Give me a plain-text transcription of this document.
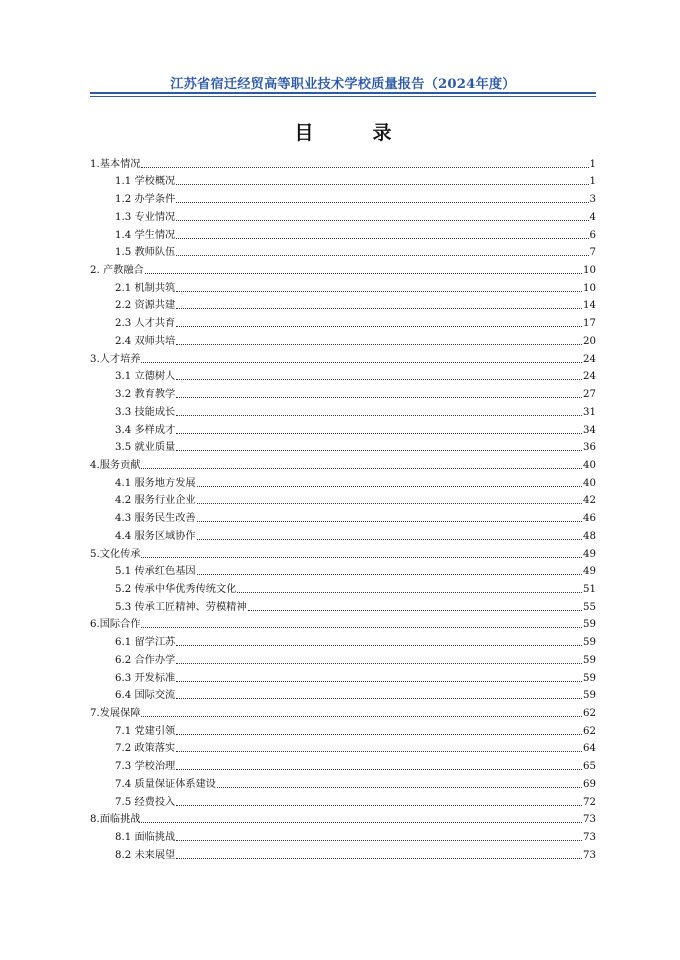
江苏省宿迁经贸高等职业技术学校质量报告（2024年度）
目　录
1.基本情况	1
1.1 学校概况	1
1.2 办学条件	3
1.3 专业情况	4
1.4 学生情况	6
1.5 教师队伍	7
2. 产教融合	10
2.1 机制共筑	10
2.2 资源共建	14
2.3 人才共育	17
2.4 双师共培	20
3.人才培养	24
3.1 立德树人	24
3.2 教育教学	27
3.3 技能成长	31
3.4 多样成才	34
3.5 就业质量	36
4.服务贡献	40
4.1 服务地方发展	40
4.2 服务行业企业	42
4.3 服务民生改善	46
4.4 服务区域协作	48
5.文化传承	49
5.1 传承红色基因	49
5.2 传承中华优秀传统文化	51
5.3 传承工匠精神、劳模精神	55
6.国际合作	59
6.1 留学江苏	59
6.2 合作办学	59
6.3 开发标准	59
6.4 国际交流	59
7.发展保障	62
7.1 党建引领	62
7.2 政策落实	64
7.3 学校治理	65
7.4 质量保证体系建设	69
7.5 经费投入	72
8.面临挑战	73
8.1 面临挑战	73
8.2 未来展望	73
